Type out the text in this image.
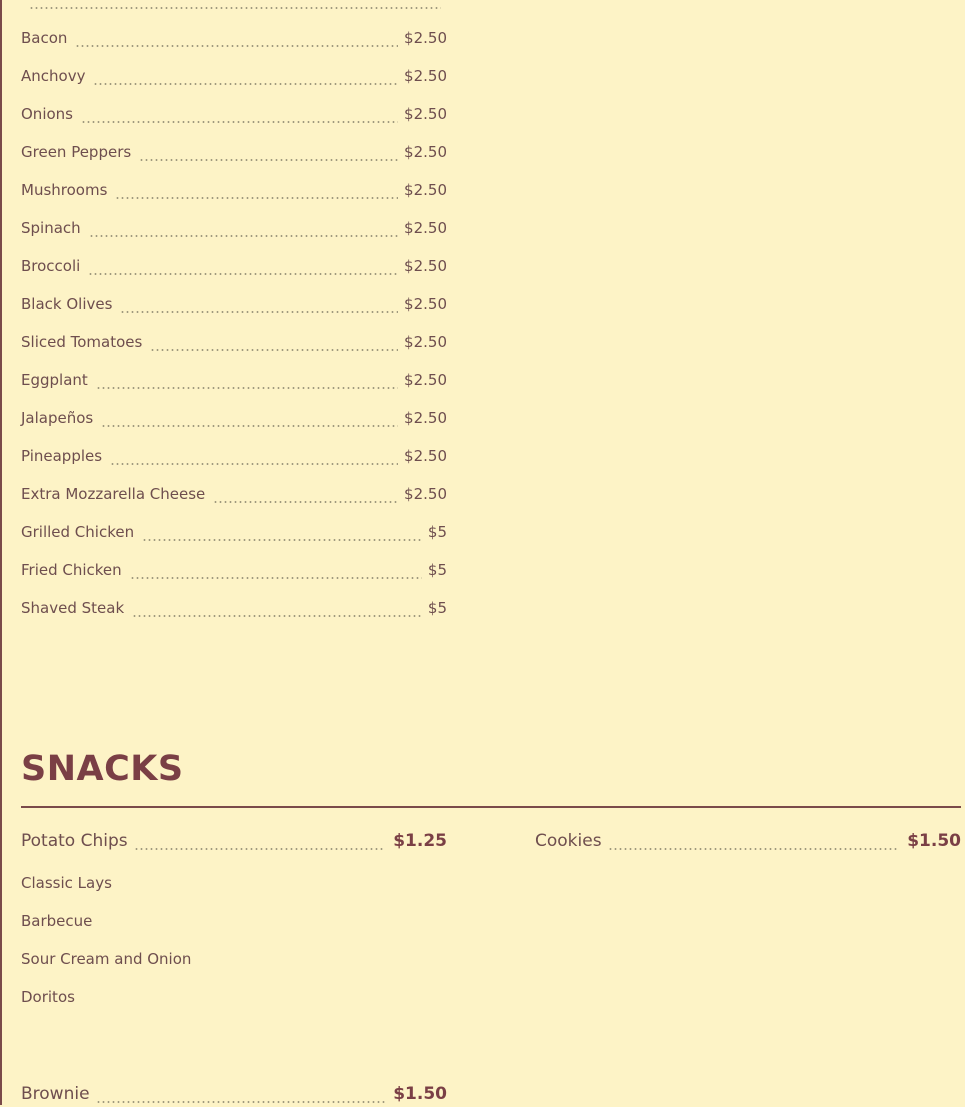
Bacon	$2.50
Anchovy	$2.50
Onions	$2.50
Green Peppers	$2.50
Mushrooms	$2.50
Spinach	$2.50
Broccoli	$2.50
Black Olives	$2.50
Sliced Tomatoes	$2.50
Eggplant	$2.50
Jalapeños	$2.50
Pineapples	$2.50
Extra Mozzarella Cheese	$2.50
Grilled Chicken	$5
Fried Chicken	$5
Shaved Steak	$5
SNACKS
Potato Chips	$1.25
Classic Lays
Barbecue
Sour Cream and Onion
Doritos
Cookies	$1.50
Brownie	$1.50
